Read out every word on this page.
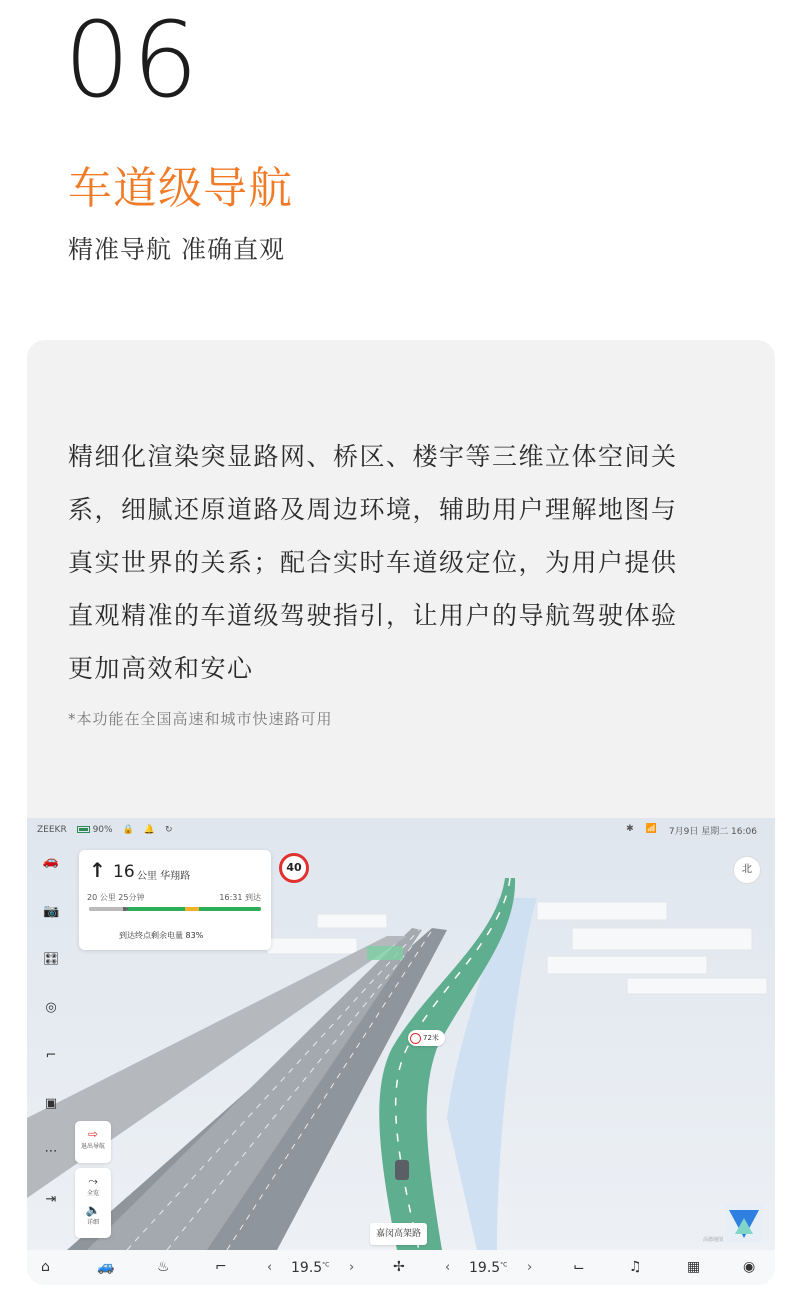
06
车道级导航
精准导航 准确直观
精细化渲染突显路网、桥区、楼宇等三维立体空间关
系，细腻还原道路及周边环境，辅助用户理解地图与
真实世界的关系；配合实时车道级定位，为用户提供
直观精准的车道级驾驶指引，让用户的导航驾驶体验
更加高效和安心
*本功能在全国高速和城市快速路可用
ZEEKR	90% 🔒 🔔 ↻	✱ 📶 7月9日 星期二 16:06
🚗
📷
🎛
◎
⌐
▣
⋯
⇥
↑ 16 公里 华翔路
20 公里 25分钟	16:31 到达
到达终点剩余电量 83%
40	北
72米
⇨
退出导航
⤳
全览
🔈
详细
嘉闵高架路
高德地图
⌂	🚙	♨	⌐	‹ $19.5^{^\circ C}$ ›	✢	‹ $19.5^{^\circ C}$ ›	⌙	♫	▦	◉
